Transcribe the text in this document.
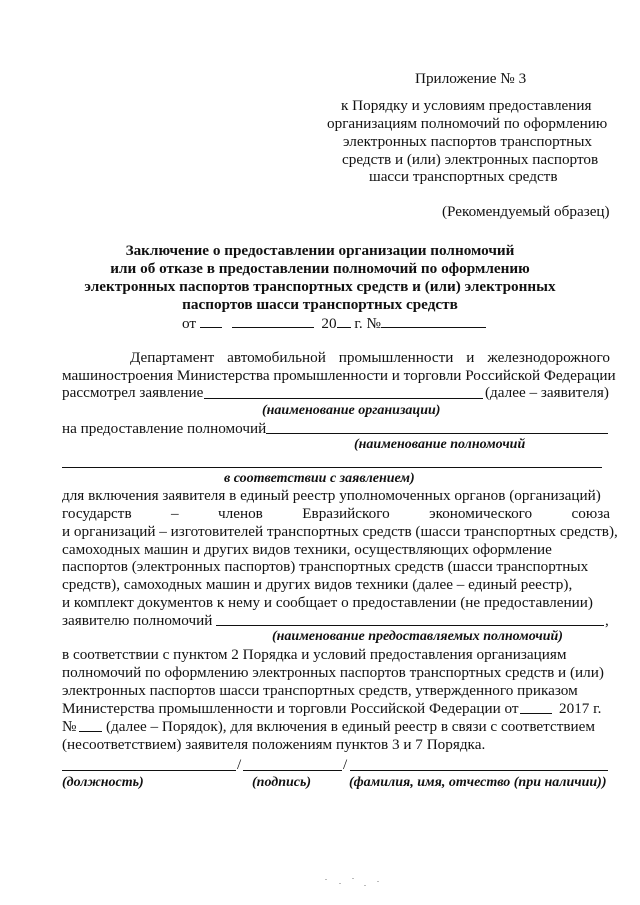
Приложение № 3
к Порядку и условиям предоставления
организациям полномочий по оформлению
электронных паспортов транспортных
средств и (или) электронных паспортов
шасси транспортных средств
(Рекомендуемый образец)
Заключение о предоставлении организации полномочий
или об отказе в предоставлении полномочий по оформлению
электронных паспортов транспортных средств и (или) электронных
паспортов шасси транспортных средств
от	20 г. №
Департамент автомобильной промышленности и железнодорожного
машиностроения Министерства промышленности и торговли Российской Федерации
рассмотрел заявление	(далее – заявителя)
(наименование организации)
на предоставление полномочий
(наименование полномочий
в соответствии с заявлением)
для включения заявителя в единый реестр уполномоченных органов (организаций)
государств	–	членов	Евразийского	экономического	союза
и организаций – изготовителей транспортных средств (шасси транспортных средств),
самоходных машин и других видов техники, осуществляющих оформление
паспортов (электронных паспортов) транспортных средств (шасси транспортных
средств), самоходных машин и других видов техники (далее – единый реестр),
и комплект документов к нему и сообщает о предоставлении (не предоставлении)
заявителю полномочий	,
(наименование предоставляемых полномочий)
в соответствии с пунктом 2 Порядка и условий предоставления организациям
полномочий по оформлению электронных паспортов транспортных средств и (или)
электронных паспортов шасси транспортных средств, утвержденного приказом
Министерства промышленности и торговли Российской Федерации от	2017 г.
№ (далее – Порядок), для включения в единый реестр в связи с соответствием
(несоответствием) заявителя положениям пунктов 3 и 7 Порядка.
/	/
(должность)	(подпись)	(фамилия, имя, отчество (при наличии))
